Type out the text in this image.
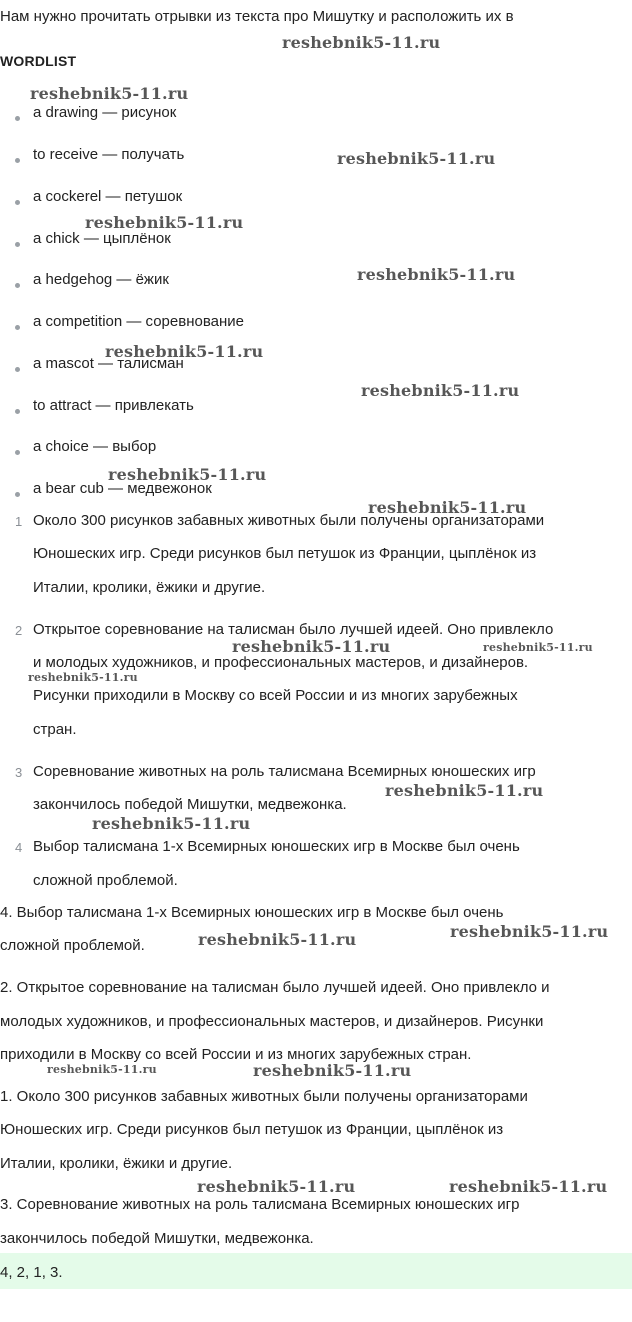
Нам нужно прочитать отрывки из текста про Мишутку и расположить их в
WORDLIST
a drawing — рисунок
to receive — получать
a cockerel — петушок
a chick — цыплёнок
a hedgehog — ёжик
a competition — соревнование
a mascot — талисман
to attract — привлекать
a choice — выбор
a bear cub — медвежонок
1 Около 300 рисунков забавных животных были получены организаторами
Юношеских игр. Среди рисунков был петушок из Франции, цыплёнок из
Италии, кролики, ёжики и другие.
2 Открытое соревнование на талисман было лучшей идеей. Оно привлекло
и молодых художников, и профессиональных мастеров, и дизайнеров.
Рисунки приходили в Москву со всей России и из многих зарубежных
стран.
3 Соревнование животных на роль талисмана Всемирных юношеских игр
закончилось победой Мишутки, медвежонка.
4 Выбор талисмана 1-х Всемирных юношеских игр в Москве был очень
сложной проблемой.
4. Выбор талисмана 1-х Всемирных юношеских игр в Москве был очень
сложной проблемой.
2. Открытое соревнование на талисман было лучшей идеей. Оно привлекло и
молодых художников, и профессиональных мастеров, и дизайнеров. Рисунки
приходили в Москву со всей России и из многих зарубежных стран.
1. Около 300 рисунков забавных животных были получены организаторами
Юношеских игр. Среди рисунков был петушок из Франции, цыплёнок из
Италии, кролики, ёжики и другие.
3. Соревнование животных на роль талисмана Всемирных юношеских игр
закончилось победой Мишутки, медвежонка.
4, 2, 1, 3.
reshebnik5-11.ru
reshebnik5-11.ru
reshebnik5-11.ru
reshebnik5-11.ru
reshebnik5-11.ru
reshebnik5-11.ru
reshebnik5-11.ru
reshebnik5-11.ru
reshebnik5-11.ru
reshebnik5-11.ru	reshebnik5-11.ru
reshebnik5-11.ru
reshebnik5-11.ru
reshebnik5-11.ru
reshebnik5-11.ru
reshebnik5-11.ru
reshebnik5-11.ru	reshebnik5-11.ru
reshebnik5-11.ru	reshebnik5-11.ru
